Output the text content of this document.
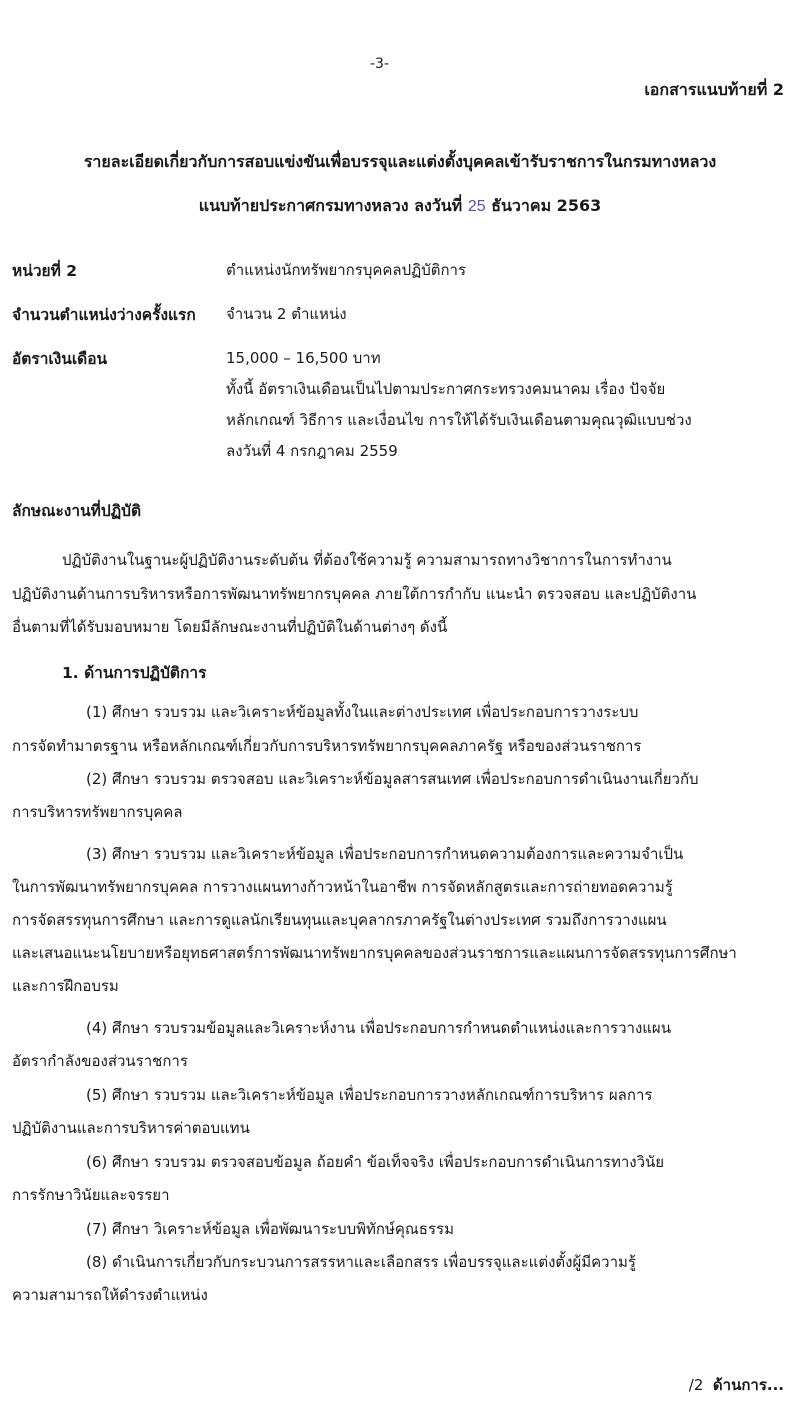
-3-
เอกสารแนบท้ายที่ 2
รายละเอียดเกี่ยวกับการสอบแข่งขันเพื่อบรรจุและแต่งตั้งบุคคลเข้ารับราชการในกรมทางหลวง
แนบท้ายประกาศกรมทางหลวง ลงวันที่ 25 ธันวาคม 2563
หน่วยที่ 2	ตำแหน่งนักทรัพยากรบุคคลปฏิบัติการ
จำนวนตำแหน่งว่างครั้งแรก จำนวน 2 ตำแหน่ง
อัตราเงินเดือน	15,000 – 16,500 บาท
ทั้งนี้ อัตราเงินเดือนเป็นไปตามประกาศกระทรวงคมนาคม เรื่อง ปัจจัย
หลักเกณฑ์ วิธีการ และเงื่อนไข การให้ได้รับเงินเดือนตามคุณวุฒิแบบช่วง
ลงวันที่ 4 กรกฎาคม 2559
ลักษณะงานที่ปฏิบัติ
ปฏิบัติงานในฐานะผู้ปฏิบัติงานระดับต้น ที่ต้องใช้ความรู้ ความสามารถทางวิชาการในการทำงาน
ปฏิบัติงานด้านการบริหารหรือการพัฒนาทรัพยากรบุคคล ภายใต้การกำกับ แนะนำ ตรวจสอบ และปฏิบัติงาน
อื่นตามที่ได้รับมอบหมาย โดยมีลักษณะงานที่ปฏิบัติในด้านต่างๆ ดังนี้
1. ด้านการปฏิบัติการ
(1) ศึกษา รวบรวม และวิเคราะห์ข้อมูลทั้งในและต่างประเทศ เพื่อประกอบการวางระบบ
การจัดทำมาตรฐาน หรือหลักเกณฑ์เกี่ยวกับการบริหารทรัพยากรบุคคลภาครัฐ หรือของส่วนราชการ
(2) ศึกษา รวบรวม ตรวจสอบ และวิเคราะห์ข้อมูลสารสนเทศ เพื่อประกอบการดำเนินงานเกี่ยวกับ
การบริหารทรัพยากรบุคคล
(3) ศึกษา รวบรวม และวิเคราะห์ข้อมูล เพื่อประกอบการกำหนดความต้องการและความจำเป็น
ในการพัฒนาทรัพยากรบุคคล การวางแผนทางก้าวหน้าในอาชีพ การจัดหลักสูตรและการถ่ายทอดความรู้
การจัดสรรทุนการศึกษา และการดูแลนักเรียนทุนและบุคลากรภาครัฐในต่างประเทศ รวมถึงการวางแผน
และเสนอแนะนโยบายหรือยุทธศาสตร์การพัฒนาทรัพยากรบุคคลของส่วนราชการและแผนการจัดสรรทุนการศึกษา
และการฝึกอบรม
(4) ศึกษา รวบรวมข้อมูลและวิเคราะห์งาน เพื่อประกอบการกำหนดตำแหน่งและการวางแผน
อัตรากำลังของส่วนราชการ
(5) ศึกษา รวบรวม และวิเคราะห์ข้อมูล เพื่อประกอบการวางหลักเกณฑ์การบริหาร ผลการ
ปฏิบัติงานและการบริหารค่าตอบแทน
(6) ศึกษา รวบรวม ตรวจสอบข้อมูล ถ้อยคำ ข้อเท็จจริง เพื่อประกอบการดำเนินการทางวินัย
การรักษาวินัยและจรรยา
(7) ศึกษา วิเคราะห์ข้อมูล เพื่อพัฒนาระบบพิทักษ์คุณธรรม
(8) ดำเนินการเกี่ยวกับกระบวนการสรรหาและเลือกสรร เพื่อบรรจุและแต่งตั้งผู้มีความรู้
ความสามารถให้ดำรงตำแหน่ง
/2 ด้านการ...
